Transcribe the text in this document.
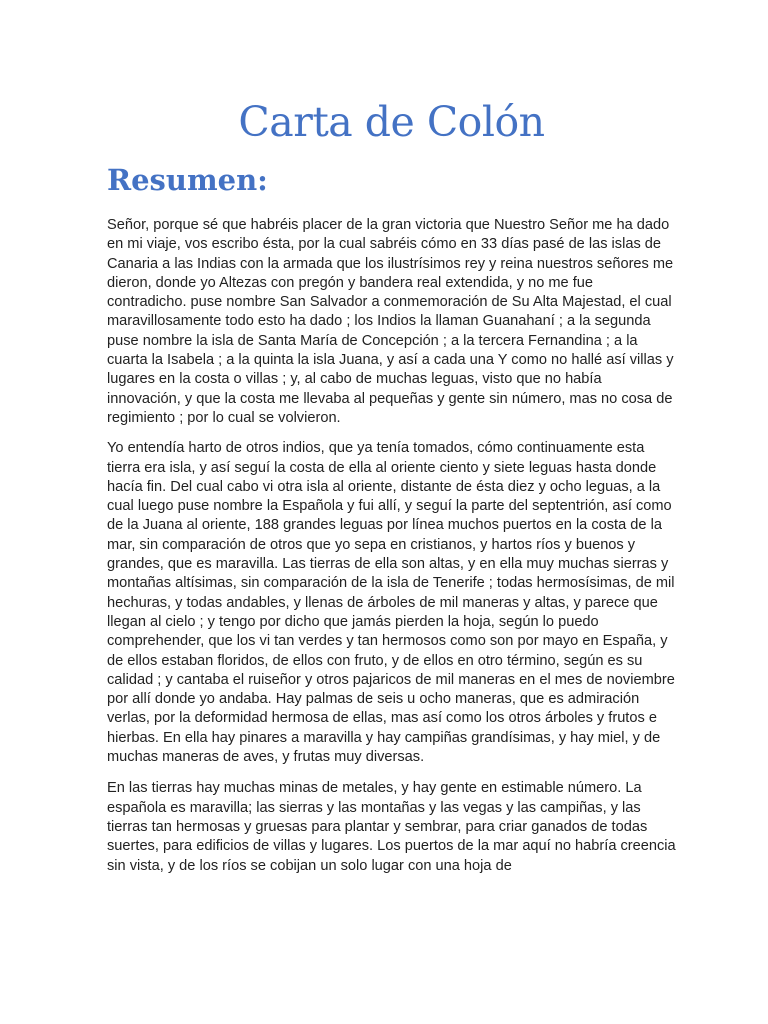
Carta de Colón
Resumen:

Señor, porque sé que habréis placer de la gran victoria que Nuestro Señor me ha dado en mi viaje, vos escribo ésta, por la cual sabréis cómo en 33 días pasé de las islas de Canaria a las Indias con la armada que los ilustrísimos rey y reina nuestros señores me dieron, donde yo Altezas con pregón y bandera real extendida, y no me fue contradicho. puse nombre San Salvador a conmemoración de Su Alta Majestad, el cual maravillosamente todo esto ha dado ; los Indios la llaman Guanahaní ; a la segunda puse nombre la isla de Santa María de Concepción ; a la tercera Fernandina ; a la cuarta la Isabela ; a la quinta la isla Juana, y así a cada una Y como no hallé así villas y lugares en la costa o villas ; y, al cabo de muchas leguas, visto que no había innovación, y que la costa me llevaba al pequeñas y gente sin número, mas no cosa de regimiento ; por lo cual se volvieron.

Yo entendía harto de otros indios, que ya tenía tomados, cómo continuamente esta tierra era isla, y así seguí la costa de ella al oriente ciento y siete leguas hasta donde hacía fin. Del cual cabo vi otra isla al oriente, distante de ésta diez y ocho leguas, a la cual luego puse nombre la Española y fui allí, y seguí la parte del septentrión, así como de la Juana al oriente, 188 grandes leguas por línea muchos puertos en la costa de la mar, sin comparación de otros que yo sepa en cristianos, y hartos ríos y buenos y grandes, que es maravilla. Las tierras de ella son altas, y en ella muy muchas sierras y montañas altísimas, sin comparación de la isla de Tenerife ; todas hermosísimas, de mil hechuras, y todas andables, y llenas de árboles de mil maneras y altas, y parece que llegan al cielo ; y tengo por dicho que jamás pierden la hoja, según lo puedo comprehender, que los vi tan verdes y tan hermosos como son por mayo en España, y de ellos estaban floridos, de ellos con fruto, y de ellos en otro término, según es su calidad ; y cantaba el ruiseñor y otros pajaricos de mil maneras en el mes de noviembre por allí donde yo andaba. Hay palmas de seis u ocho maneras, que es admiración verlas, por la deformidad hermosa de ellas, mas así como los otros árboles y frutos e hierbas. En ella hay pinares a maravilla y hay campiñas grandísimas, y hay miel, y de muchas maneras de aves, y frutas muy diversas.

En las tierras hay muchas minas de metales, y hay gente en estimable número. La española es maravilla; las sierras y las montañas y las vegas y las campiñas, y las tierras tan hermosas y gruesas para plantar y sembrar, para criar ganados de todas suertes, para edificios de villas y lugares. Los puertos de la mar aquí no habría creencia sin vista, y de los ríos se cobijan un solo lugar con una hoja de
